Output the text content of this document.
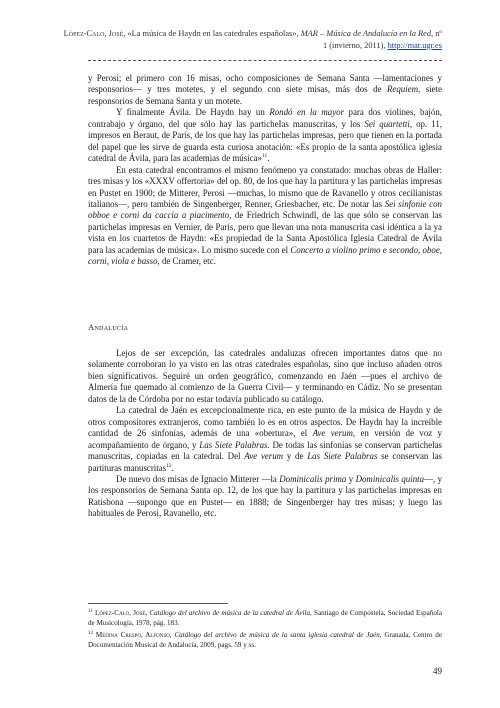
López-Calo, José, «La música de Haydn en las catedrales españolas», MAR – Música de Andalucía en la Red, nº 1 (invierno, 2011), http://mar.ugr.es

y Perosi; el primero con 16 misas, ocho composiciones de Semana Santa —lamentaciones y responsorios— y tres motetes, y el segundo con siete misas, más dos de Requiem, siete responsorios de Semana Santa y un motete.

Y finalmente Ávila. De Haydn hay un Rondó en la mayor para dos violines, bajón, contrabajo y órgano, del que sólo hay las particheIas manuscritas, y los Sei quartetti, op. 11, impresos en Beraut, de París, de los que hay las partichelas impresas, pero que tienen en la portada del papel que les sirve de guarda esta curiosa anotación: «Es propio de la santa apostólica iglesia catedral de Ávila, para las academias de música»$^{11}$.

En esta catedral encontramos el mismo fenómeno ya constatado: muchas obras de Haller: tres misas y los «XXXV offertoria» del op. 80, de los que hay la partitura y las partichelas impresas en Pustet en 1900; de Mitterer, Perosi —muchas, lo mismo que de Ravanello y otros cecilianistas italianos—, pero también de Singenberger, Renner, Griesbacher, etc. De notar las Sei sinfonie con obboe e corni da caccia a piacimento, de Friedrich Schwindl, de las que sólo se conservan las partichelas impresas en Vernier, de París, pero que llevan una nota manuscrita casi idéntica a la ya vista en los cuartetos de Haydn: «Es propiedad de la Santa Apostólica Iglesia Catedral de Ávila para las academias de música». Lo mismo sucede con el Concerto a violino primo e secondo, oboe, corni, viola e basso, de Cramer, etc.

Andalucía

Lejos de ser excepción, las catedrales andaluzas ofrecen importantes datos que no solamente corroboran lo ya visto en las otras catedrales españolas, sino que incluso añaden otros bien significativos. Seguiré un orden geográfico, comenzando en Jaén —pues el archivo de Almería fue quemado al comienzo de la Guerra Civil— y terminando en Cádiz. No se presentan datos de la de Córdoba por no estar todavía publicado su catálogo.

La catedral de Jaén es excepcionalmente rica, en este punto de la música de Haydn y de otros compositores extranjeros, como también lo es en otros aspectos. De Haydn hay la increíble cantidad de 26 sinfonías, además de una «obertura», el Ave verum, en versión de voz y acompañamiento de órgano, y Las Siete Palabras. De todas las sinfonías se conservan partichelas manuscritas, copiadas en la catedral. Del Ave verum y de Las Siete Palabras se conservan las partituras manuscritas$^{12}$.

De nuevo dos misas de Ignacio Mitterer —la Dominicalis prima y Dominicalis quinta—, y los responsorios de Semana Santa op. 12, de los que hay la partitura y las partichelas impresas en Ratisbona —supongo que en Pustet— en 1888; de Singenberger hay tres misas; y luego las habituales de Perosi, Ravanello, etc.

$^{11}$ López-Calo, José, Catálogo del archivo de música de la catedral de Ávila, Santiago de Compostela, Sociedad Española de Musicología, 1978, pág. 183.

$^{12}$ Medina Crespo, Alfonso, Catálogo del archivo de música de la santa iglesia catedral de Jaén, Granada, Centro de Documentación Musical de Andalucía, 2009, pags. 59 y ss.

49
